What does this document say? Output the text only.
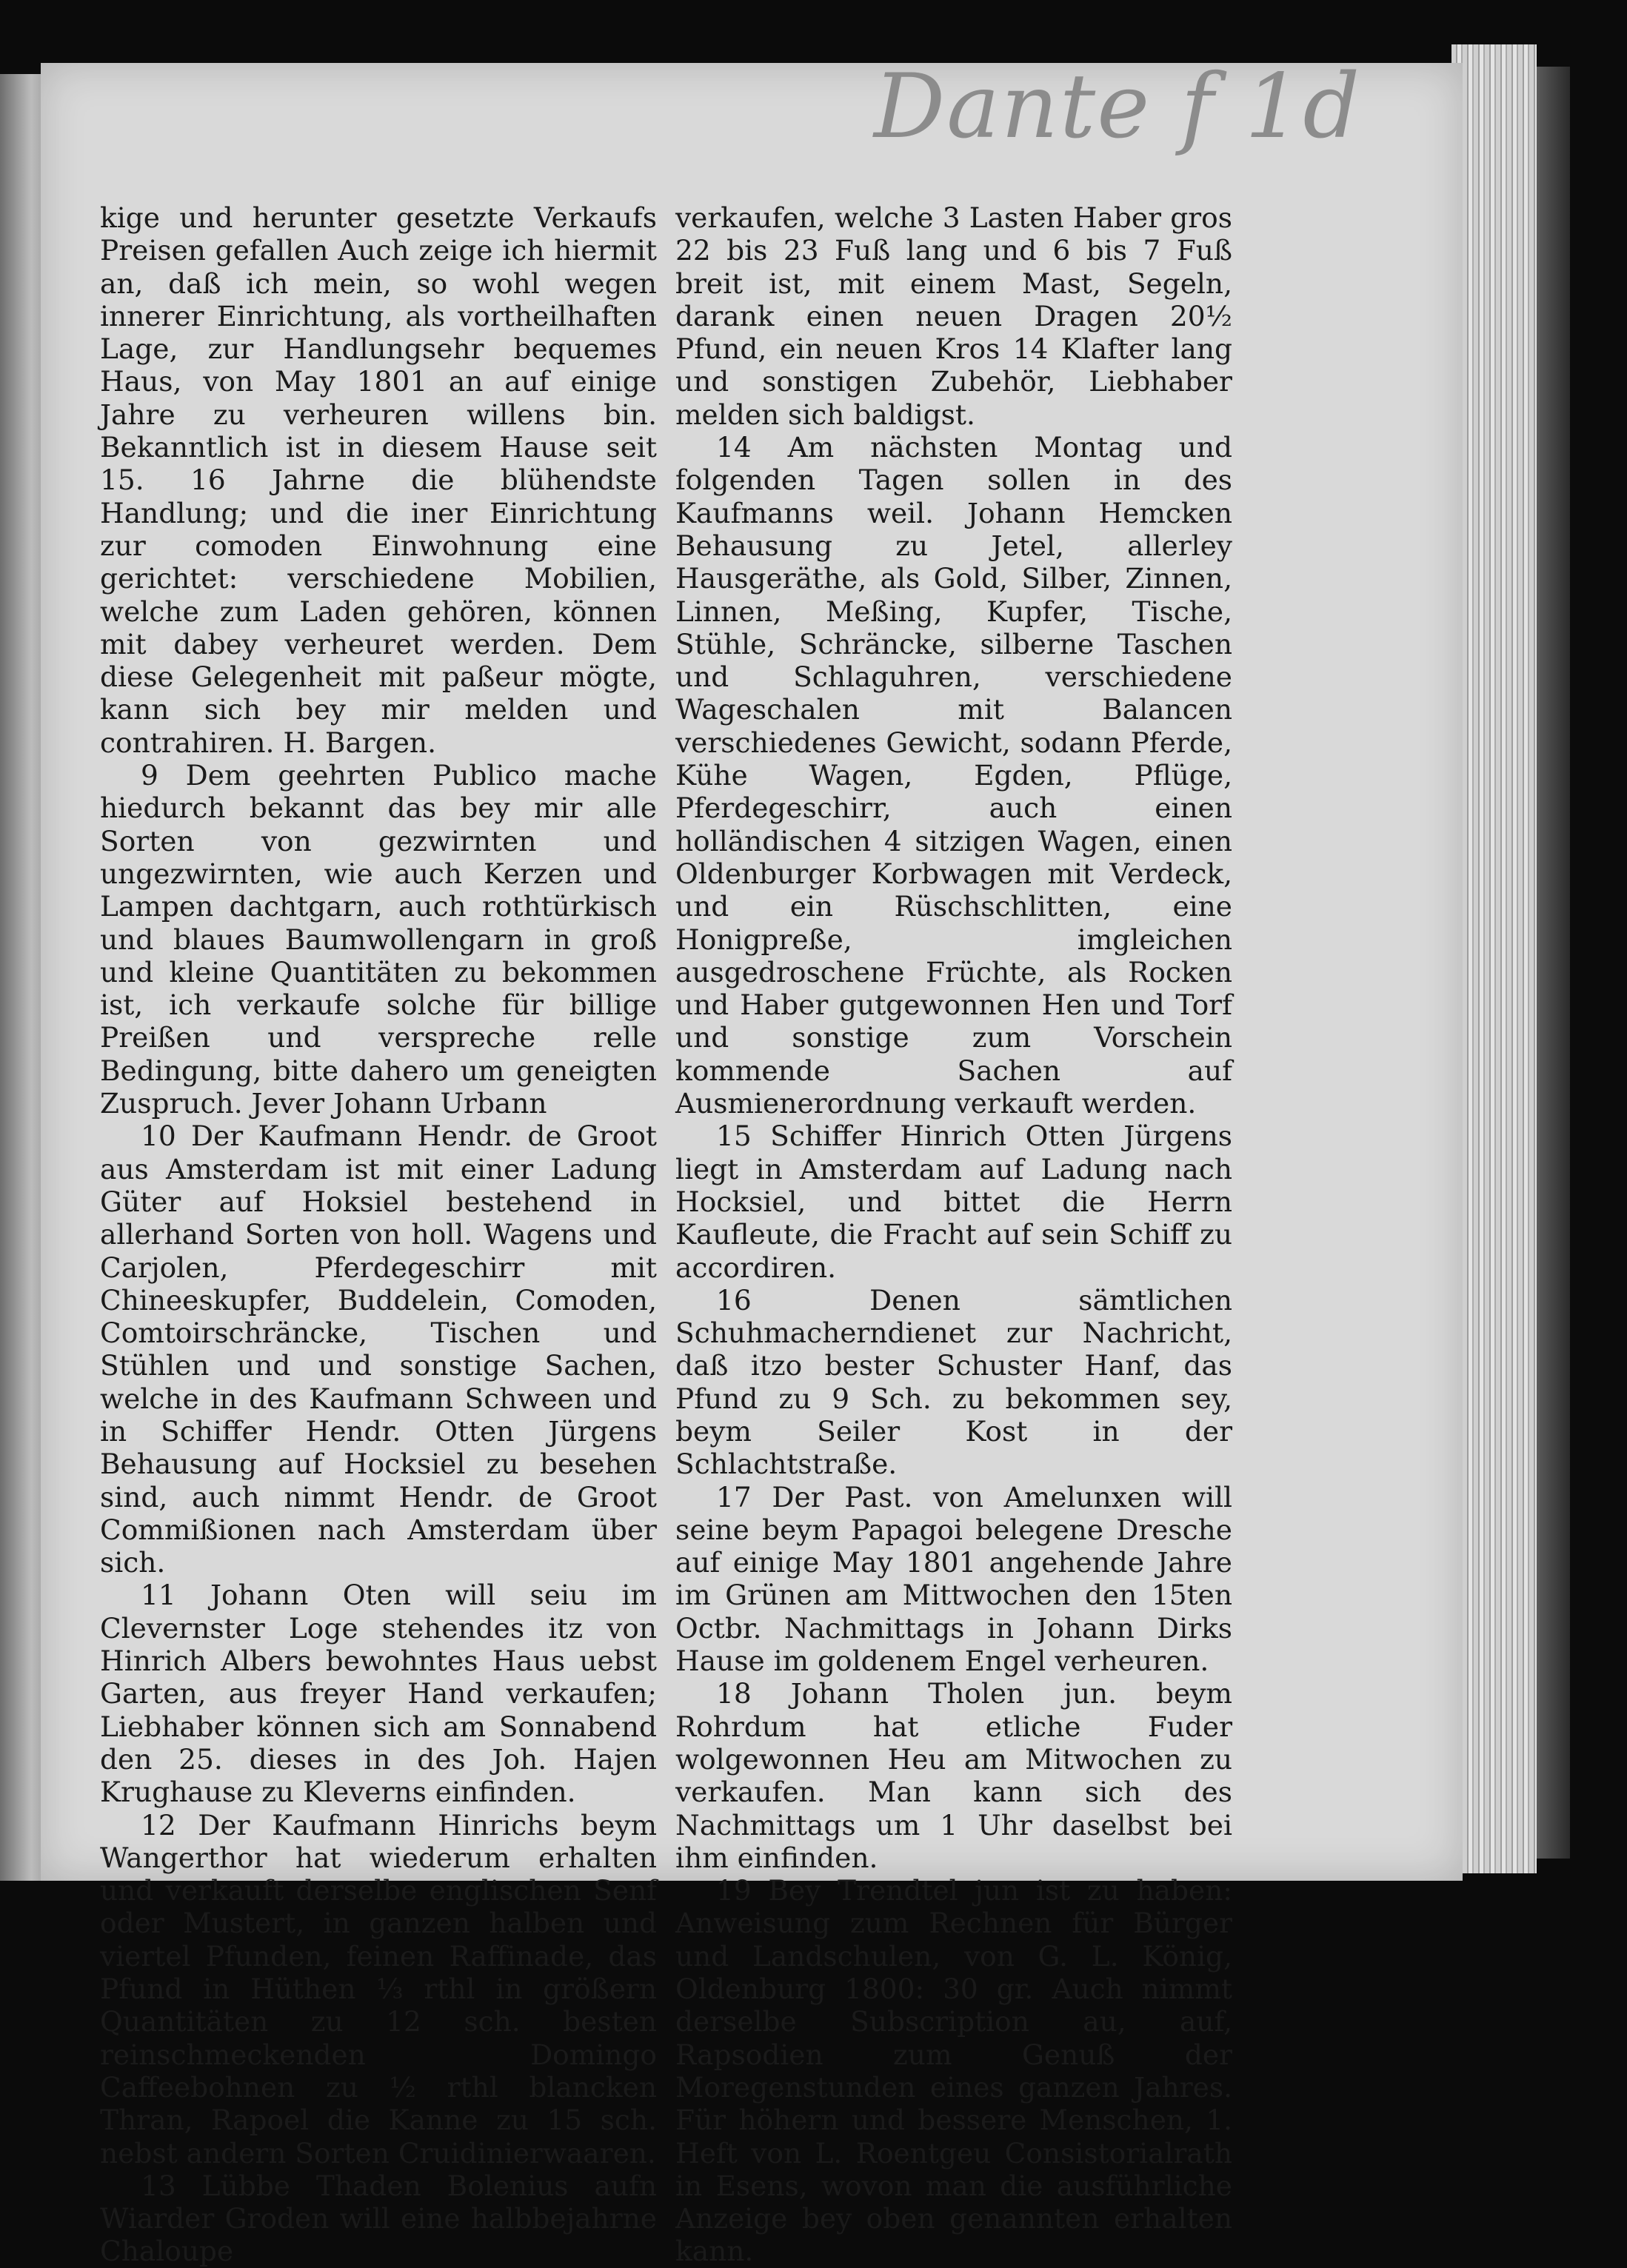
Dante f 1d

kige und herunter gesetzte Verkaufs Preisen gefallen Auch zeige ich hiermit an, daß ich mein, so wohl wegen innerer Einrichtung, als vortheilhaften Lage, zur Handlungsehr bequemes Haus, von May 1801 an auf einige Jahre zu verheuren willens bin. Bekanntlich ist in diesem Hause seit 15. 16 Jahrne die blühendste Handlung; und die iner Einrichtung zur comoden Einwohnung eine gerichtet: verschiedene Mobilien, welche zum Laden gehören, können mit dabey verheuret werden. Dem diese Gelegenheit mit paßeur mögte, kann sich bey mir melden und contrahiren. H. Bargen.

9 Dem geehrten Publico mache hiedurch bekannt das bey mir alle Sorten von gezwirnten und ungezwirnten, wie auch Kerzen und Lampen dachtgarn, auch rothtürkisch und blaues Baumwollengarn in groß und kleine Quantitäten zu bekommen ist, ich verkaufe solche für billige Preißen und verspreche relle Bedingung, bitte dahero um geneigten Zuspruch. Jever Johann Urbann

10 Der Kaufmann Hendr. de Groot aus Amsterdam ist mit einer Ladung Güter auf Hoksiel bestehend in allerhand Sorten von holl. Wagens und Carjolen, Pferdegeschirr mit Chineeskupfer, Buddelein, Comoden, Comtoirschräncke, Tischen und Stühlen und und sonstige Sachen, welche in des Kaufmann Schween und in Schiffer Hendr. Otten Jürgens Behausung auf Hocksiel zu besehen sind, auch nimmt Hendr. de Groot Commißionen nach Amsterdam über sich.

11 Johann Oten will seiu im Clevernster Loge stehendes itz von Hinrich Albers bewohntes Haus uebst Garten, aus freyer Hand verkaufen; Liebhaber können sich am Sonnabend den 25. dieses in des Joh. Hajen Krughause zu Kleverns einfinden.

12 Der Kaufmann Hinrichs beym Wangerthor hat wiederum erhalten und verkauft derselbe englischen Senf oder Mustert, in ganzen halben und viertel Pfunden, feinen Raffinade, das Pfund in Hüthen ⅓ rthl in größern Quantitäten zu 12 sch. besten reinschmeckenden Domingo Caffeebohnen zu ½ rthl blancken Thran, Rapoel die Kanne zu 15 sch. nebst andern Sorten Cruidinierwaaren.

13 Lübbe Thaden Bolenius aufn Wiarder Groden will eine halbbejahrne Chaloupe

verkaufen, welche 3 Lasten Haber gros 22 bis 23 Fuß lang und 6 bis 7 Fuß breit ist, mit einem Mast, Segeln, darank einen neuen Dragen 20½ Pfund, ein neuen Kros 14 Klafter lang und sonstigen Zubehör, Liebhaber melden sich baldigst.

14 Am nächsten Montag und folgenden Tagen sollen in des Kaufmanns weil. Johann Hemcken Behausung zu Jetel, allerley Hausgeräthe, als Gold, Silber, Zinnen, Linnen, Meßing, Kupfer, Tische, Stühle, Schräncke, silberne Taschen und Schlaguhren, verschiedene Wageschalen mit Balancen verschiedenes Gewicht, sodann Pferde, Kühe Wagen, Egden, Pflüge, Pferdegeschirr, auch einen holländischen 4 sitzigen Wagen, einen Oldenburger Korbwagen mit Verdeck, und ein Rüschschlitten, eine Honigpreße, imgleichen ausgedroschene Früchte, als Rocken und Haber gutgewonnen Hen und Torf und sonstige zum Vorschein kommende Sachen auf Ausmienerordnung verkauft werden.

15 Schiffer Hinrich Otten Jürgens liegt in Amsterdam auf Ladung nach Hocksiel, und bittet die Herrn Kaufleute, die Fracht auf sein Schiff zu accordiren.

16 Denen sämtlichen Schuhmacherndienet zur Nachricht, daß itzo bester Schuster Hanf, das Pfund zu 9 Sch. zu bekommen sey, beym Seiler Kost in der Schlachtstraße.

17 Der Past. von Amelunxen will seine beym Papagoi belegene Dresche auf einige May 1801 angehende Jahre im Grünen am Mittwochen den 15ten Octbr. Nachmittags in Johann Dirks Hause im goldenem Engel verheuren.

18 Johann Tholen jun. beym Rohrdum hat etliche Fuder wolgewonnen Heu am Mitwochen zu verkaufen. Man kann sich des Nachmittags um 1 Uhr daselbst bei ihm einfinden.

19 Bey Trendtel jun ist zu haben: Anweisung zum Rechnen für Bürger und Landschulen, von G. L. König, Oldenburg 1800: 30 gr. Auch nimmt derselbe Subscription au, auf, Rapsodien zum Genuß der Moregenstunden eines ganzen Jahres. Für höhern und bessere Menschen, 1. Heft von L. Roentgeu Consistorialrath in Esens, wovon man die ausführliche Anzeige bey oben genannten erhalten kann.
